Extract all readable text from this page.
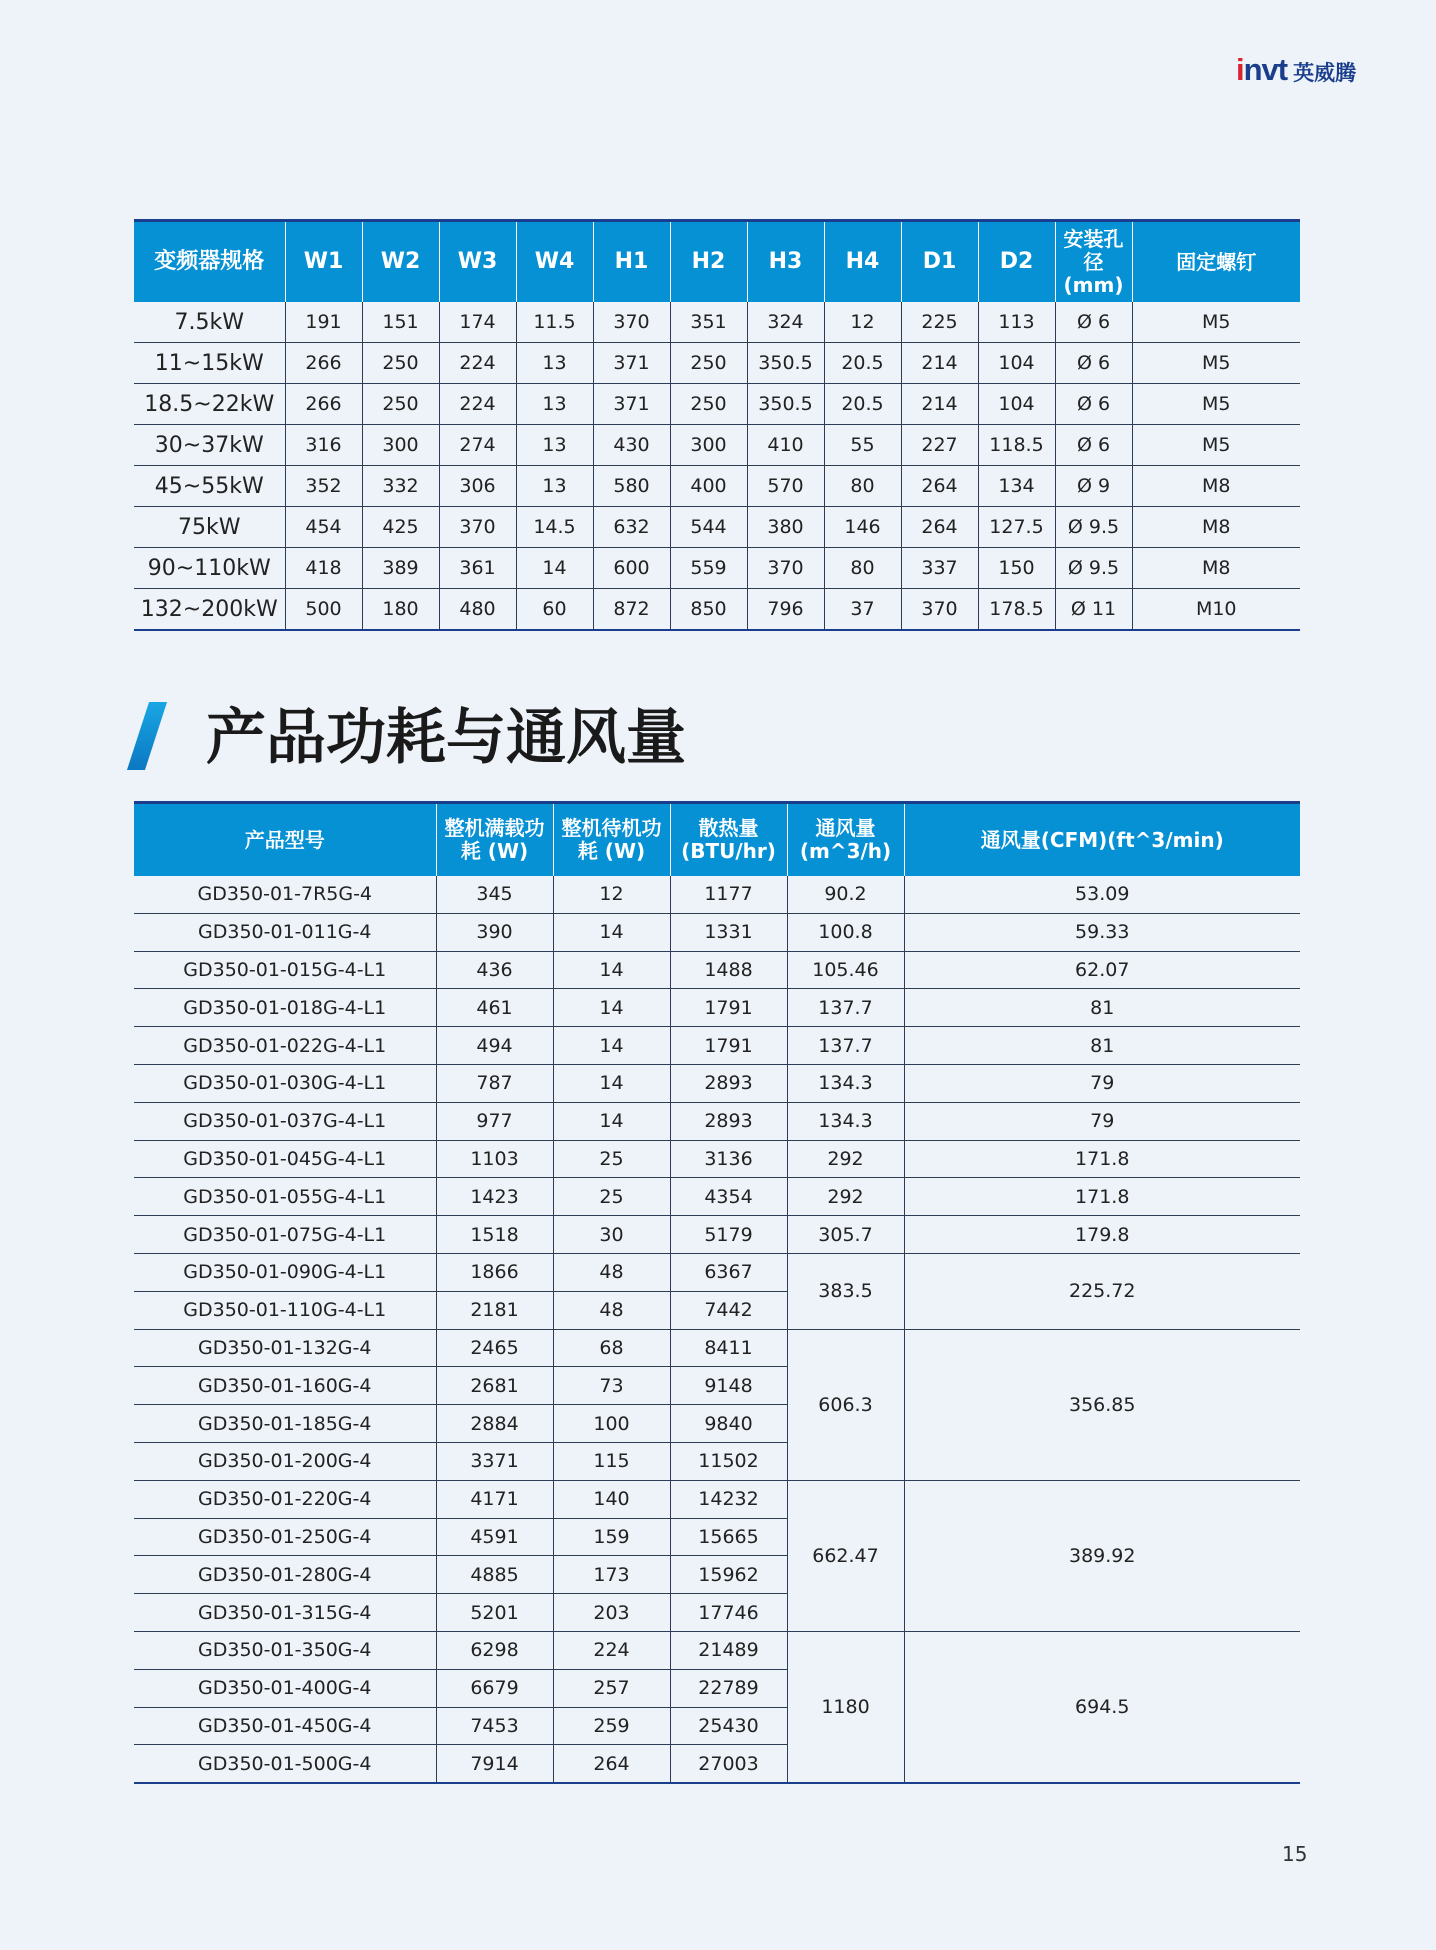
invt 英威腾
变频器规格	W1	W2	W3	W4	H1	H2	H3	H4	D1	D2	安装孔径(mm)	固定螺钉
7.5kW	191	151	174	11.5	370	351	324	12	225	113	Ø 6	M5
11~15kW	266	250	224	13	371	250	350.5	20.5	214	104	Ø 6	M5
18.5~22kW	266	250	224	13	371	250	350.5	20.5	214	104	Ø 6	M5
30~37kW	316	300	274	13	430	300	410	55	227	118.5	Ø 6	M5
45~55kW	352	332	306	13	580	400	570	80	264	134	Ø 9	M8
75kW	454	425	370	14.5	632	544	380	146	264	127.5	Ø 9.5	M8
90~110kW	418	389	361	14	600	559	370	80	337	150	Ø 9.5	M8
132~200kW	500	180	480	60	872	850	796	37	370	178.5	Ø 11	M10
产品功耗与通风量
产品型号	整机满载功耗 (W)	整机待机功耗 (W)	散热量(BTU/hr)	通风量(m^3/h)	通风量(CFM)(ft^3/min)
GD350-01-7R5G-4	345	12	1177	90.2	53.09
GD350-01-011G-4	390	14	1331	100.8	59.33
GD350-01-015G-4-L1	436	14	1488	105.46	62.07
GD350-01-018G-4-L1	461	14	1791	137.7	81
GD350-01-022G-4-L1	494	14	1791	137.7	81
GD350-01-030G-4-L1	787	14	2893	134.3	79
GD350-01-037G-4-L1	977	14	2893	134.3	79
GD350-01-045G-4-L1	1103	25	3136	292	171.8
GD350-01-055G-4-L1	1423	25	4354	292	171.8
GD350-01-075G-4-L1	1518	30	5179	305.7	179.8
GD350-01-090G-4-L1	1866	48	6367	383.5	225.72
GD350-01-110G-4-L1	2181	48	7442		
GD350-01-132G-4	2465	68	8411	606.3	356.85
GD350-01-160G-4	2681	73	9148		
GD350-01-185G-4	2884	100	9840		
GD350-01-200G-4	3371	115	11502		
GD350-01-220G-4	4171	140	14232	662.47	389.92
GD350-01-250G-4	4591	159	15665		
GD350-01-280G-4	4885	173	15962		
GD350-01-315G-4	5201	203	17746		
GD350-01-350G-4	6298	224	21489	1180	694.5
GD350-01-400G-4	6679	257	22789		
GD350-01-450G-4	7453	259	25430		
GD350-01-500G-4	7914	264	27003		
15
